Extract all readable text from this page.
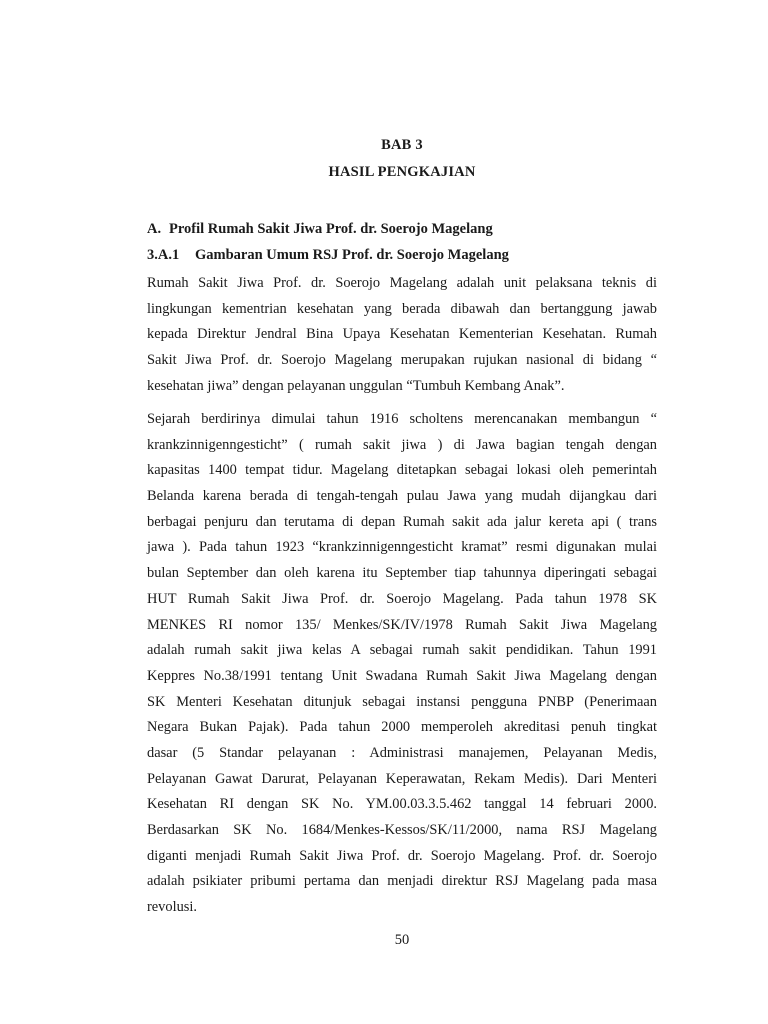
BAB 3
HASIL PENGKAJIAN
A. Profil Rumah Sakit Jiwa Prof. dr. Soerojo Magelang
3.A.1 Gambaran Umum RSJ Prof. dr. Soerojo Magelang
Rumah Sakit Jiwa Prof. dr. Soerojo Magelang adalah unit pelaksana teknis di
lingkungan kementrian kesehatan yang berada dibawah dan bertanggung jawab
kepada Direktur Jendral Bina Upaya Kesehatan Kementerian Kesehatan. Rumah
Sakit Jiwa Prof. dr. Soerojo Magelang merupakan rujukan nasional di bidang “
kesehatan jiwa” dengan pelayanan unggulan “Tumbuh Kembang Anak”.
Sejarah berdirinya dimulai tahun 1916 scholtens merencanakan membangun “
krankzinnigenngesticht” ( rumah sakit jiwa ) di Jawa bagian tengah dengan
kapasitas 1400 tempat tidur. Magelang ditetapkan sebagai lokasi oleh pemerintah
Belanda karena berada di tengah-tengah pulau Jawa yang mudah dijangkau dari
berbagai penjuru dan terutama di depan Rumah sakit ada jalur kereta api ( trans
jawa ). Pada tahun 1923 “krankzinnigenngesticht kramat” resmi digunakan mulai
bulan September dan oleh karena itu September tiap tahunnya diperingati sebagai
HUT Rumah Sakit Jiwa Prof. dr. Soerojo Magelang. Pada tahun 1978 SK
MENKES RI nomor 135/ Menkes/SK/IV/1978 Rumah Sakit Jiwa Magelang
adalah rumah sakit jiwa kelas A sebagai rumah sakit pendidikan. Tahun 1991
Keppres No.38/1991 tentang Unit Swadana Rumah Sakit Jiwa Magelang dengan
SK Menteri Kesehatan ditunjuk sebagai instansi pengguna PNBP (Penerimaan
Negara Bukan Pajak). Pada tahun 2000 memperoleh akreditasi penuh tingkat
dasar (5 Standar pelayanan : Administrasi manajemen, Pelayanan Medis,
Pelayanan Gawat Darurat, Pelayanan Keperawatan, Rekam Medis). Dari Menteri
Kesehatan RI dengan SK No. YM.00.03.3.5.462 tanggal 14 februari 2000.
Berdasarkan SK No. 1684/Menkes-Kessos/SK/11/2000, nama RSJ Magelang
diganti menjadi Rumah Sakit Jiwa Prof. dr. Soerojo Magelang. Prof. dr. Soerojo
adalah psikiater pribumi pertama dan menjadi direktur RSJ Magelang pada masa
revolusi.
50
